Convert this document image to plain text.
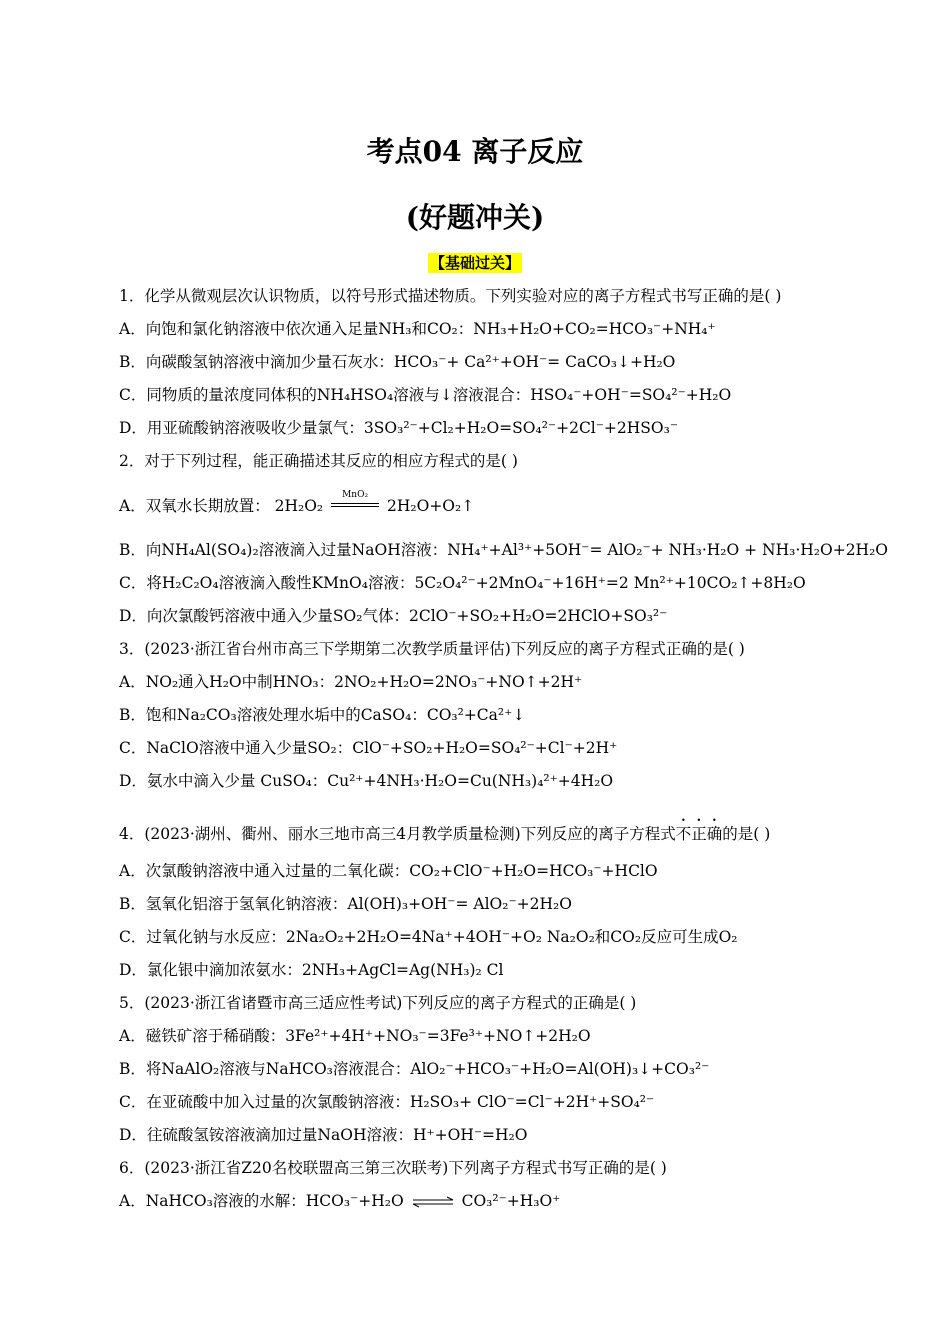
考点04 离子反应
(好题冲关)
【基础过关】
1．化学从微观层次认识物质，以符号形式描述物质。下列实验对应的离子方程式书写正确的是( )
A．向饱和氯化钠溶液中依次通入足量NH₃和CO₂：NH₃+H₂O+CO₂=HCO₃⁻+NH₄⁺
B．向碳酸氢钠溶液中滴加少量石灰水：HCO₃⁻+ Ca²⁺+OH⁻= CaCO₃↓+H₂O
C．同物质的量浓度同体积的NH₄HSO₄溶液与↓溶液混合：HSO₄⁻+OH⁻=SO₄²⁻+H₂O
D．用亚硫酸钠溶液吸收少量氯气：3SO₃²⁻+Cl₂+H₂O=SO₄²⁻+2Cl⁻+2HSO₃⁻
2．对于下列过程，能正确描述其反应的相应方程式的是( )
A．双氧水长期放置： 2H₂O₂
MnO₂
2H₂O+O₂↑
B．向NH₄Al(SO₄)₂溶液滴入过量NaOH溶液：NH₄⁺+Al³⁺+5OH⁻= AlO₂⁻+ NH₃·H₂O + NH₃·H₂O+2H₂O
C．将H₂C₂O₄溶液滴入酸性KMnO₄溶液：5C₂O₄²⁻+2MnO₄⁻+16H⁺=2 Mn²⁺+10CO₂↑+8H₂O
D．向次氯酸钙溶液中通入少量SO₂气体：2ClO⁻+SO₂+H₂O=2HClO+SO₃²⁻
3．(2023·浙江省台州市高三下学期第二次教学质量评估)下列反应的离子方程式正确的是( )
A．NO₂通入H₂O中制HNO₃：2NO₂+H₂O=2NO₃⁻+NO↑+2H⁺
B．饱和Na₂CO₃溶液处理水垢中的CaSO₄：CO₃²+Ca²⁺↓
C．NaClO溶液中通入少量SO₂：ClO⁻+SO₂+H₂O=SO₄²⁻+Cl⁻+2H⁺
D．氨水中滴入少量 CuSO₄：Cu²⁺+4NH₃·H₂O=Cu(NH₃)₄²⁺+4H₂O
4．(2023·湖州、衢州、丽水三地市高三4月教学质量检测)下列反应的离子方程式不正确的是( )
A．次氯酸钠溶液中通入过量的二氧化碳：CO₂+ClO⁻+H₂O=HCO₃⁻+HClO
B．氢氧化铝溶于氢氧化钠溶液：Al(OH)₃+OH⁻= AlO₂⁻+2H₂O
C．过氧化钠与水反应：2Na₂O₂+2H₂O=4Na⁺+4OH⁻+O₂ Na₂O₂和CO₂反应可生成O₂
D．氯化银中滴加浓氨水：2NH₃+AgCl=Ag(NH₃)₂ Cl
5．(2023·浙江省诸暨市高三适应性考试)下列反应的离子方程式的正确是( )
A．磁铁矿溶于稀硝酸：3Fe²⁺+4H⁺+NO₃⁻=3Fe³⁺+NO↑+2H₂O
B．将NaAlO₂溶液与NaHCO₃溶液混合：AlO₂⁻+HCO₃⁻+H₂O=Al(OH)₃↓+CO₃²⁻
C．在亚硫酸中加入过量的次氯酸钠溶液：H₂SO₃+ ClO⁻=Cl⁻+2H⁺+SO₄²⁻
D．往硫酸氢铵溶液滴加过量NaOH溶液：H⁺+OH⁻=H₂O
6．(2023·浙江省Z20名校联盟高三第三次联考)下列离子方程式书写正确的是( )
A．NaHCO₃溶液的水解：HCO₃⁻+H₂O ⇌ CO₃²⁻+H₃O⁺
